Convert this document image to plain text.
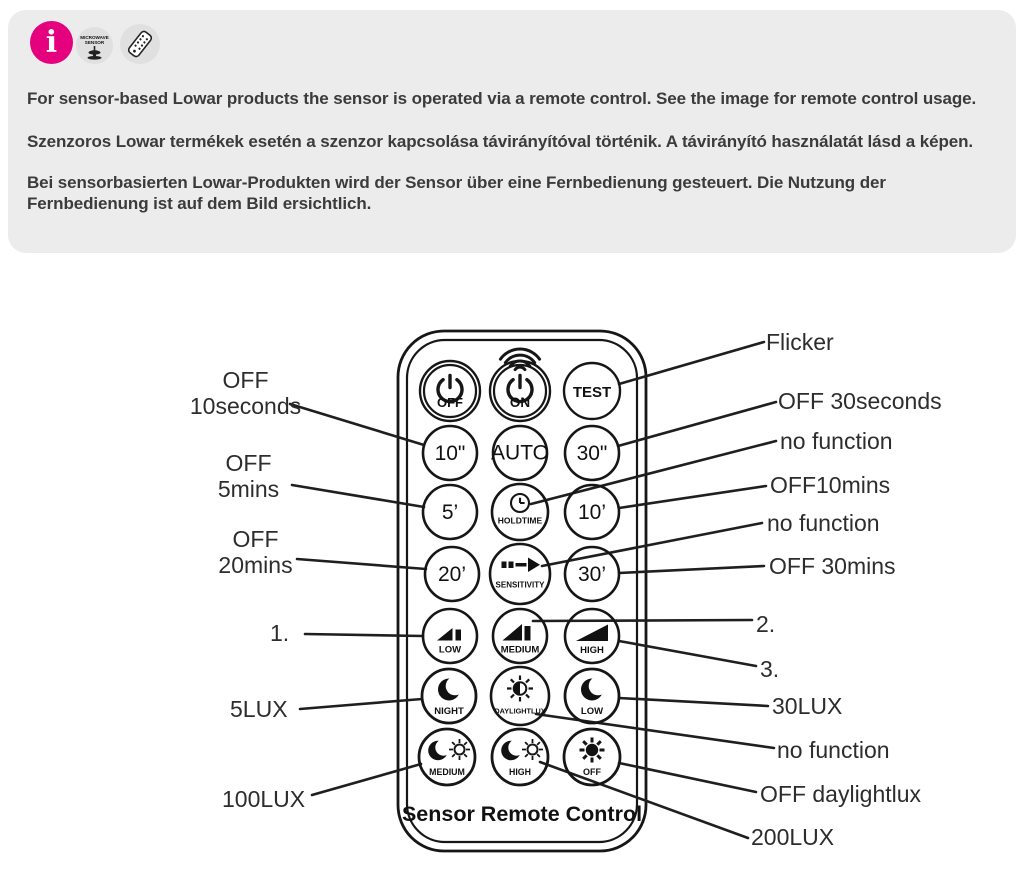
i	MICROWAVE
SENSOR

For sensor-based Lowar products the sensor is operated via a remote control. See the image for remote control usage.

Szenzoros Lowar termékek esetén a szenzor kapcsolása távirányítóval történik. A távirányító használatát lásd a képen.

Bei sensorbasierten Lowar-Produkten wird der Sensor über eine Fernbedienung gesteuert. Die Nutzung der Fernbedienung ist auf dem Bild ersichtlich.

OFF	ON
TEST
10" AUTO 30"
5’	HOLDTIME 10’
20’	SENSITIVITY 30’
LOW	MEDIUM	HIGH
NIGHT	DAYLIGHTLUX	LOW
MEDIUM	HIGH	OFF
Sensor Remote Control
OFF
10seconds
OFF
5mins
OFF
20mins
1.
5LUX
100LUX
Flicker
OFF 30seconds
no function
OFF10mins
no function
OFF 30mins
2.
3.
30LUX
no function
OFF daylightlux
200LUX
